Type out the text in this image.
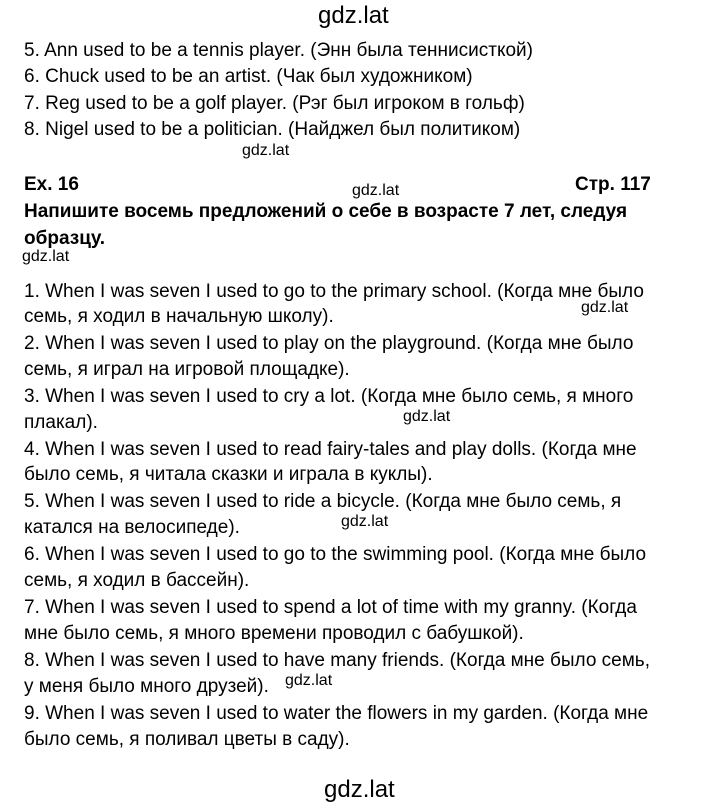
gdz.lat
gdz.lat
gdz.lat
gdz.lat
gdz.lat
gdz.lat
gdz.lat
gdz.lat
gdz.lat
5. Ann used to be a tennis player. (Энн была теннисисткой)
6. Chuck used to be an artist. (Чак был художником)
7. Reg used to be a golf player. (Рэг был игроком в гольф)
8. Nigel used to be a politician. (Найджел был политиком)
Ex. 16	Стр. 117
Напишите восемь предложений о себе в возрасте 7 лет, следуя
образцу.
1. When I was seven I used to go to the primary school. (Когда мне было
семь, я ходил в начальную школу).
2. When I was seven I used to play on the playground. (Когда мне было
семь, я играл на игровой площадке).
3. When I was seven I used to cry a lot. (Когда мне было семь, я много
плакал).
4. When I was seven I used to read fairy-tales and play dolls. (Когда мне
было семь, я читала сказки и играла в куклы).
5. When I was seven I used to ride a bicycle. (Когда мне было семь, я
катался на велосипеде).
6. When I was seven I used to go to the swimming pool. (Когда мне было
семь, я ходил в бассейн).
7. When I was seven I used to spend a lot of time with my granny. (Когда
мне было семь, я много времени проводил с бабушкой).
8. When I was seven I used to have many friends. (Когда мне было семь,
у меня было много друзей).
9. When I was seven I used to water the flowers in my garden. (Когда мне
было семь, я поливал цветы в саду).
